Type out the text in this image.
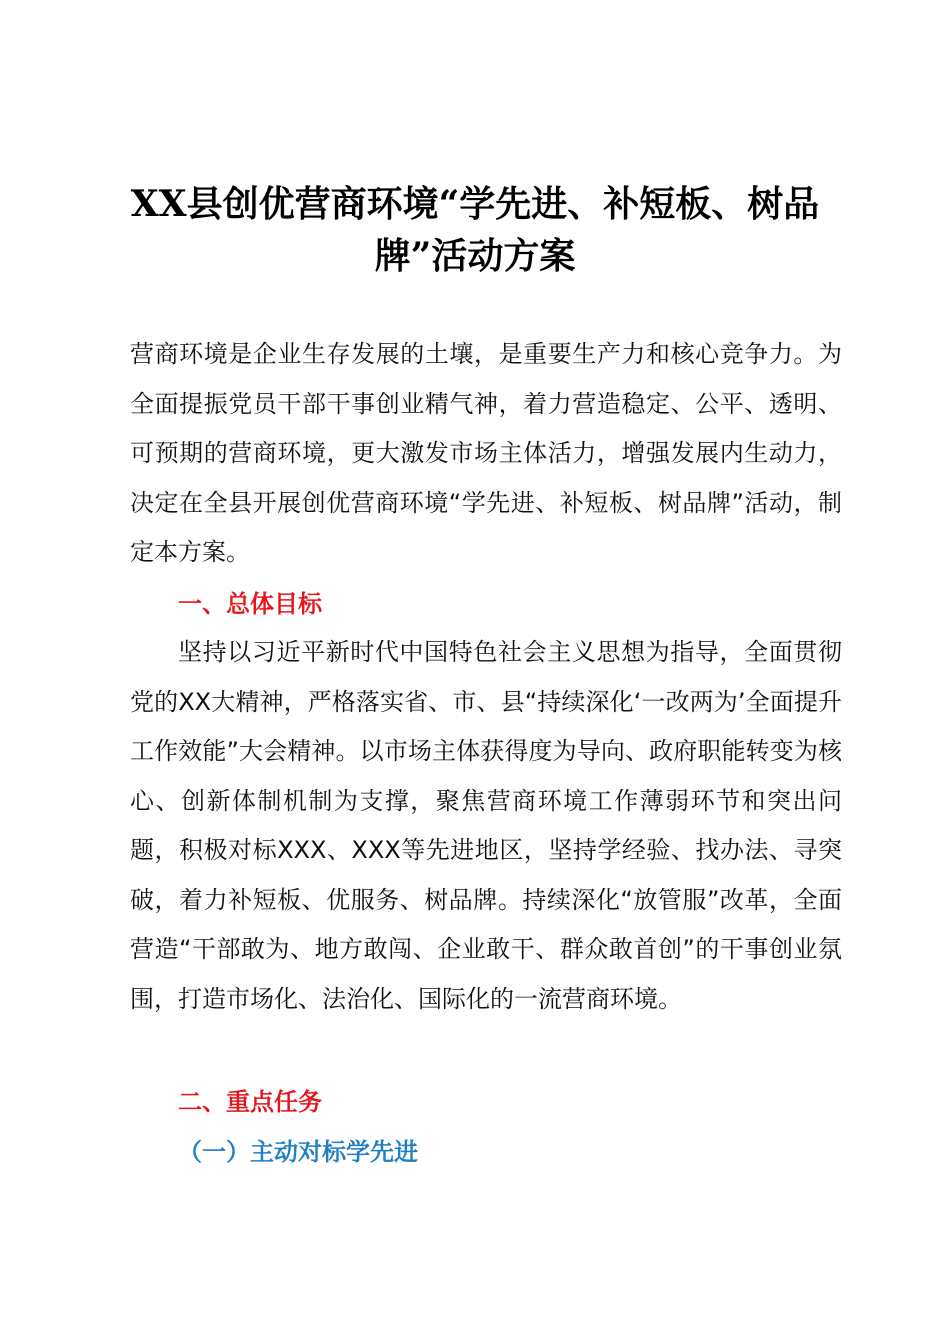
XX县创优营商环境“学先进、补短板、树品牌”活动方案

营商环境是企业生存发展的土壤，是重要生产力和核心竞争力。为全面提振党员干部干事创业精气神，着力营造稳定、公平、透明、可预期的营商环境，更大激发市场主体活力，增强发展内生动力，决定在全县开展创优营商环境“学先进、补短板、树品牌”活动，制定本方案。

一、总体目标

坚持以习近平新时代中国特色社会主义思想为指导，全面贯彻党的XX大精神，严格落实省、市、县“持续深化‘一改两为’全面提升工作效能”大会精神。以市场主体获得度为导向、政府职能转变为核心、创新体制机制为支撑，聚焦营商环境工作薄弱环节和突出问题，积极对标XXX、XXX等先进地区，坚持学经验、找办法、寻突破，着力补短板、优服务、树品牌。持续深化“放管服”改革，全面营造“干部敢为、地方敢闯、企业敢干、群众敢首创”的干事创业氛围，打造市场化、法治化、国际化的一流营商环境。

二、重点任务
（一）主动对标学先进
